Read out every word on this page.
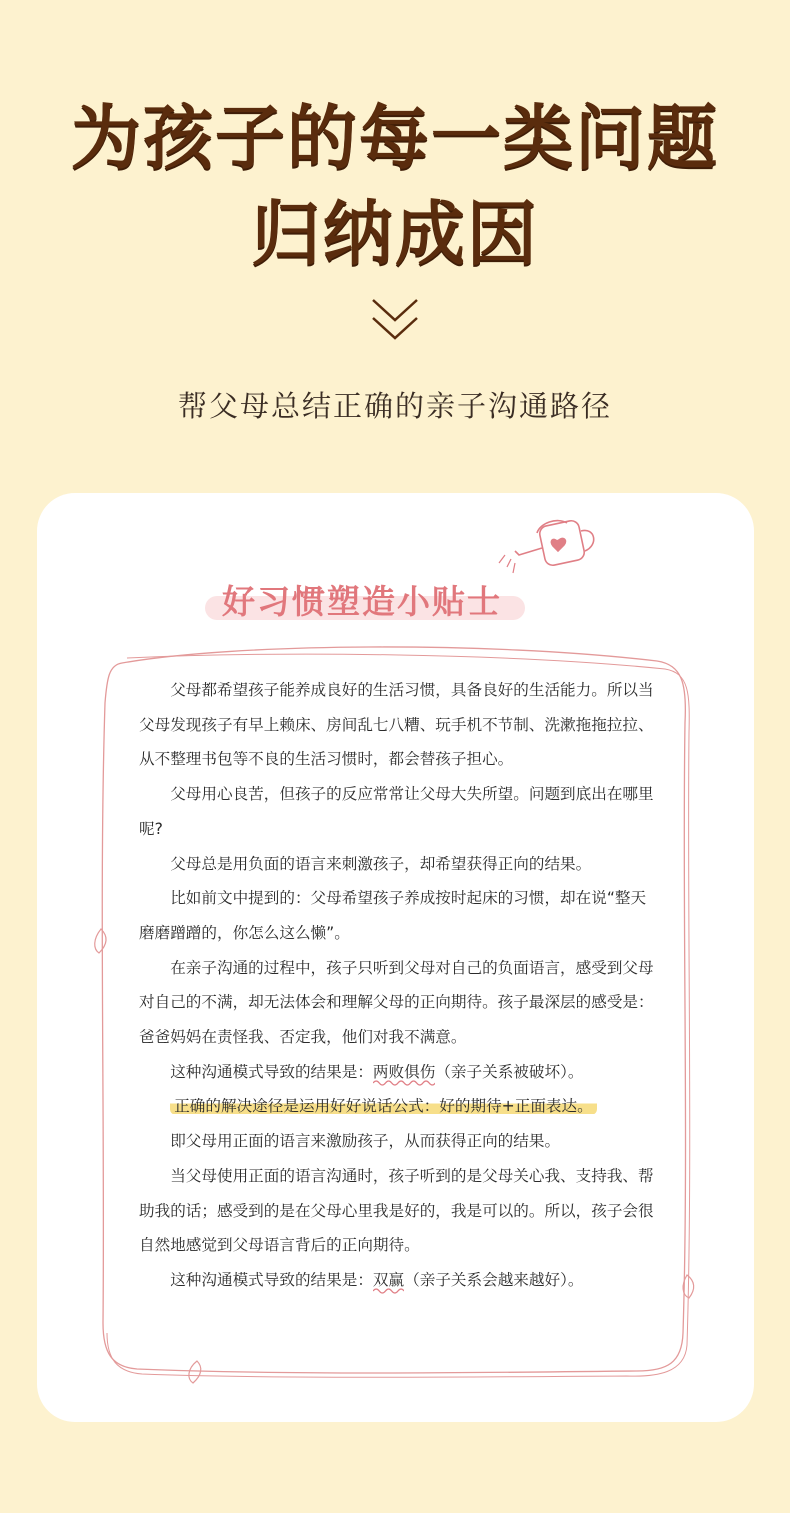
为孩子的每一类问题
归纳成因
帮父母总结正确的亲子沟通路径
好习惯塑造小贴士

父母都希望孩子能养成良好的生活习惯，具备良好的生活能力。所以当父母发现孩子有早上赖床、房间乱七八糟、玩手机不节制、洗漱拖拖拉拉、从不整理书包等不良的生活习惯时，都会替孩子担心。

父母用心良苦，但孩子的反应常常让父母大失所望。问题到底出在哪里呢?

父母总是用负面的语言来刺激孩子，却希望获得正向的结果。

比如前文中提到的：父母希望孩子养成按时起床的习惯，却在说“整天磨磨蹭蹭的，你怎么这么懒”。

在亲子沟通的过程中，孩子只听到父母对自己的负面语言，感受到父母对自己的不满，却无法体会和理解父母的正向期待。孩子最深层的感受是：爸爸妈妈在责怪我、否定我，他们对我不满意。

这种沟通模式导致的结果是：两败俱伤
（亲子关系被破坏）。

正确的解决途径是运用好好说话公式：好的期待+正面表达。

即父母用正面的语言来激励孩子，从而获得正向的结果。

当父母使用正面的语言沟通时，孩子听到的是父母关心我、支持我、帮助我的话；感受到的是在父母心里我是好的，我是可以的。所以，孩子会很自然地感觉到父母语言背后的正向期待。

这种沟通模式导致的结果是：双赢
（亲子关系会越来越好）。
